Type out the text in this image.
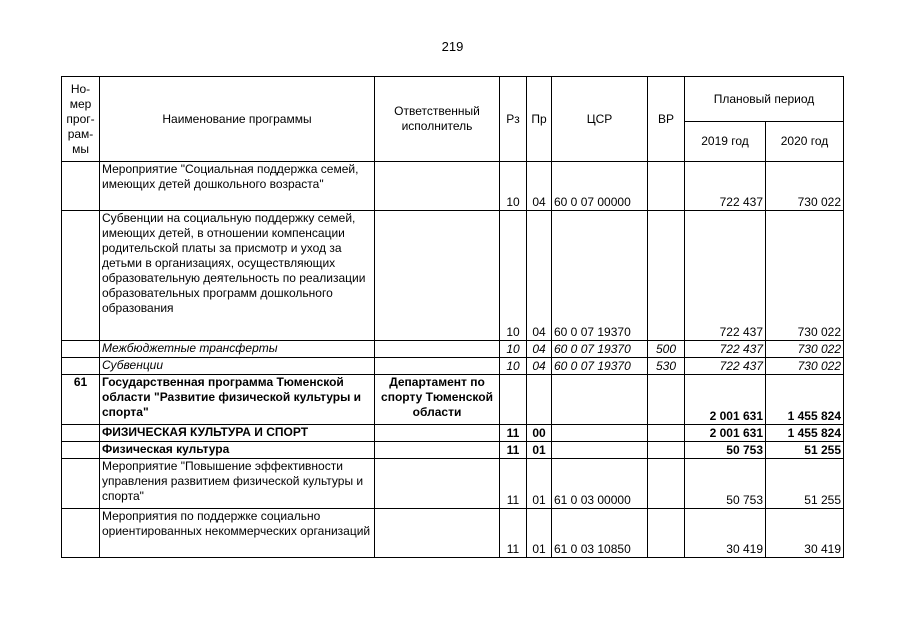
219
Но-мер прог-рам-мы	Наименование программы	Ответственный исполнитель	Рз	Пр	ЦСР	ВР	Плановый период	
							2019 год	2020 год
	Мероприятие "Социальная поддержка семей, имеющих детей дошкольного возраста"		10	04	60 0 07 00000		722 437	730 022
	Субвенции на социальную поддержку семей, имеющих детей, в отношении компенсации родительской платы за присмотр и уход за детьми в организациях, осуществляющих образовательную деятельность по реализации образовательных программ дошкольного образования		10	04	60 0 07 19370		722 437	730 022
	Межбюджетные трансферты		10	04	60 0 07 19370	500	722 437	730 022
	Субвенции		10	04	60 0 07 19370	530	722 437	730 022
61	Государственная программа Тюменской области "Развитие физической культуры и спорта"	Департамент по спорту Тюменской области					2 001 631	1 455 824
	ФИЗИЧЕСКАЯ КУЛЬТУРА И СПОРТ		11	00			2 001 631	1 455 824
	Физическая культура		11	01			50 753	51 255
	Мероприятие "Повышение эффективности управления развитием физической культуры и спорта"		11	01	61 0 03 00000		50 753	51 255
	Мероприятия по поддержке социально ориентированных некоммерческих организаций		11	01	61 0 03 10850		30 419	30 419
